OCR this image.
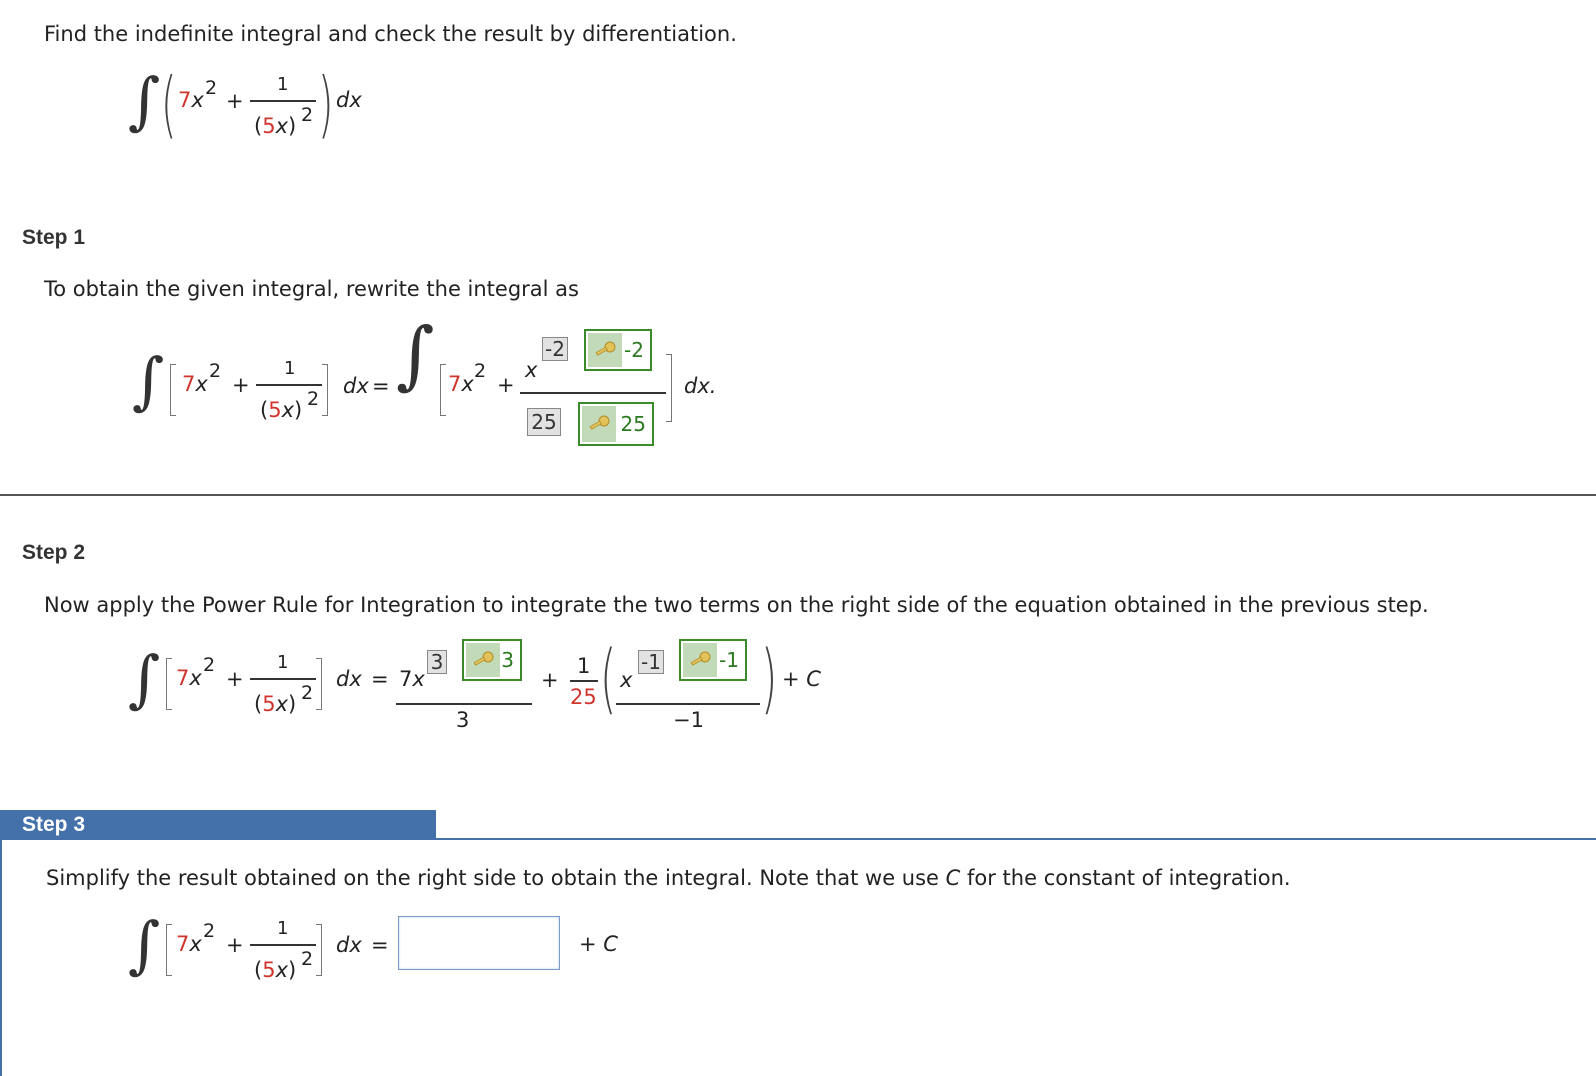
Find the indefinite integral and check the result by differentiation.
∫ ( 7x 2
+
1
(5x) 2 ) dx
Step 1
To obtain the given integral, rewrite the integral as
∫ 7x
2
+
1
(5x) 2
dx = ∫ 7x
2
+
x
-2	-2
25	25
dx.
Step 2
Now apply the Power Rule for Integration to integrate the two terms on the right side of the equation obtained in the previous step.
∫ 7x
2
+
1
(5x) 2
dx = 7x
3	3
3
+
1
25 ( x
-1	-1
−1 ) + C
Step 3
Simplify the result obtained on the right side to obtain the integral. Note that we use C for the constant of integration.
∫ 7x
2
+
1
(5x) 2
dx =	+ C
